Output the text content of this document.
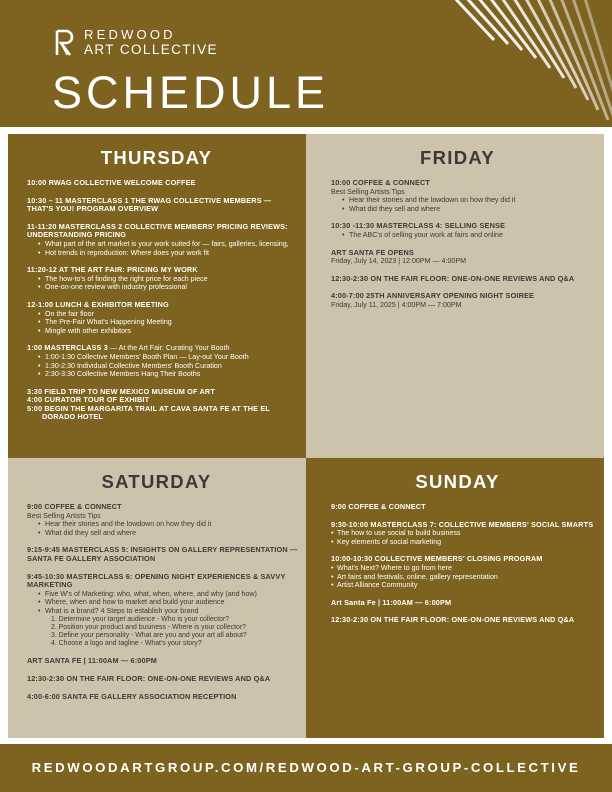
REDWOOD
ART COLLECTIVE
SCHEDULE
THURSDAY
10:00 RWAG COLLECTIVE WELCOME COFFEE
10:30 – 11 MASTERCLASS 1 THE RWAG COLLECTIVE MEMBERS — THAT'S YOU! PROGRAM OVERVIEW
11-11:20 MASTERCLASS 2 COLLECTIVE MEMBERS' PRICING REVIEWS: UNDERSTANDING PRICING
• What part of the art market is your work suited for — fairs, galleries, licensing,
• Hot trends in reproduction: Where does your work fit
11:20-12 AT THE ART FAIR: PRICING MY WORK
• The how-to's of finding the right price for each piece
• One-on-one review with industry professional
12-1:00 LUNCH & EXHIBITOR MEETING
• On the fair floor
• The Pre-Fair What's Happening Meeting
• Mingle with other exhibitors
1:00 MASTERCLASS 3 — At the Art Fair: Curating Your Booth
• 1:00-1:30 Collective Members' Booth Plan — Lay-out Your Booth
• 1:30-2:30 Individual Collective Members' Booth Curation
• 2:30-3:30 Collective Members Hang Their Booths
3:30 FIELD TRIP TO NEW MEXICO MUSEUM OF ART
4:00 CURATOR TOUR OF EXHIBIT
5:00 BEGIN THE MARGARITA TRAIL AT CAVA SANTA FE AT THE EL DORADO HOTEL
FRIDAY
10:00 COFFEE & CONNECT
Best Selling Artists Tips
• Hear their stories and the lowdown on how they did it
• What did they sell and where
10:30 -11:30 MASTERCLASS 4: SELLING SENSE
• The ABC's of selling your work at fairs and online
ART SANTA FE OPENS
Friday, July 14, 2023 | 12:00PM — 4:00PM
12:30-2:30 ON THE FAIR FLOOR: ONE-ON-ONE REVIEWS AND Q&A
4:00-7:00 25TH ANNIVERSARY OPENING NIGHT SOIREE
Friday, July 11, 2025 | 4:00PM — 7:00PM
SATURDAY
9:00 COFFEE & CONNECT
Best Selling Artists Tips
• Hear their stories and the lowdown on how they did it
• What did they sell and where
9:15-9:45 MASTERCLASS 5: INSIGHTS ON GALLERY REPRESENTATION — SANTA FE GALLERY ASSOCIATION
9:45-10:30 MASTERCLASS 6: OPENING NIGHT EXPERIENCES & SAVVY MARKETING
• Five W's of Marketing: who, what, when, where, and why (and how)
• Where, when and how to market and build your audience
• What is a brand? 4 Steps to establish your brand
1. Determine your target audience - Who is your collector?
2. Position your product and business - Where is your collector?
3. Define your personality - What are you and your art all about?
4. Choose a logo and tagline - What's your story?
ART SANTA FE | 11:00AM — 6:00PM
12:30-2:30 ON THE FAIR FLOOR: ONE-ON-ONE REVIEWS AND Q&A
4:00-6:00 SANTA FE GALLERY ASSOCIATION RECEPTION
SUNDAY
9:00 COFFEE & CONNECT
9:30-10:00 MASTERCLASS 7: COLLECTIVE MEMBERS' SOCIAL SMARTS
• The how to use social to build business
• Key elements of social marketing
10:00-10:30 COLLECTIVE MEMBERS' CLOSING PROGRAM
• What's Next? Where to go from here
• Art fairs and festivals, online, gallery representation
• Artist Alliance Community
Art Santa Fe | 11:00AM — 6:00PM
12:30-2:30 ON THE FAIR FLOOR: ONE-ON-ONE REVIEWS AND Q&A
REDWOODARTGROUP.COM/REDWOOD-ART-GROUP-COLLECTIVE
